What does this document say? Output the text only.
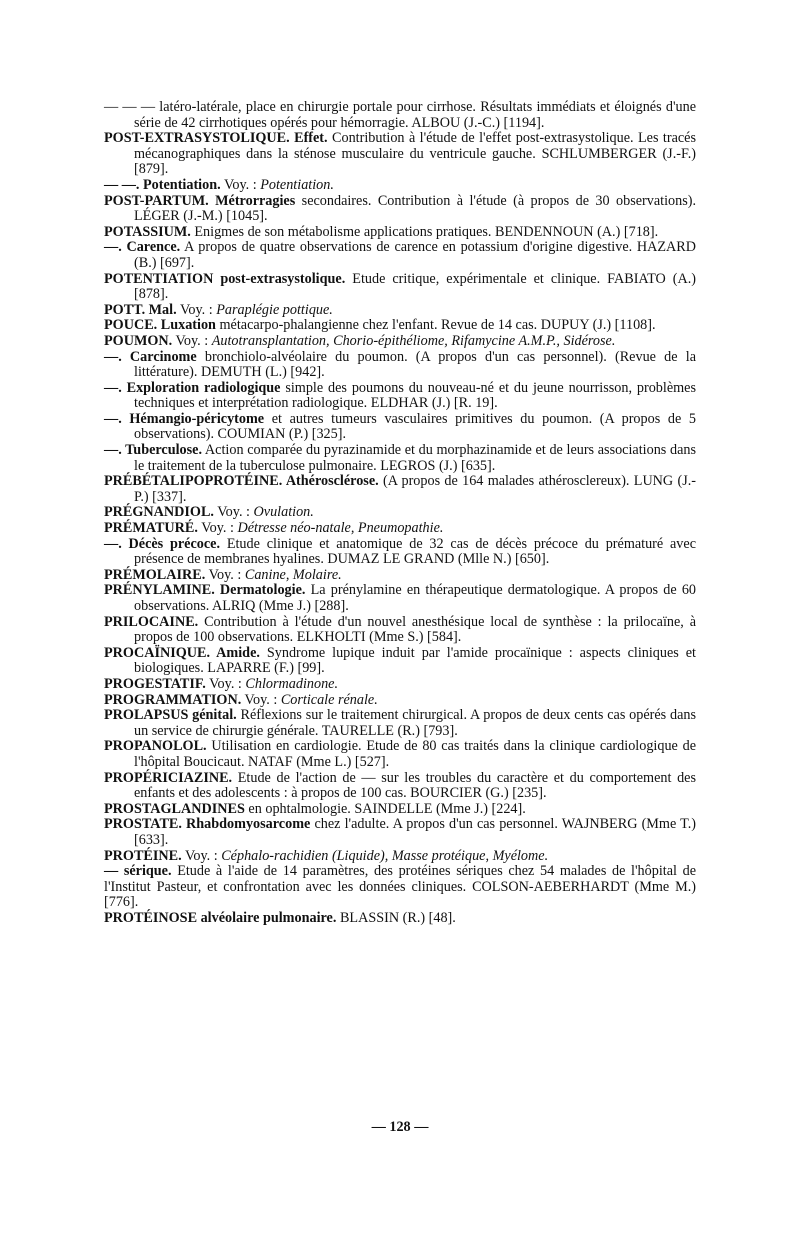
— — — latéro-latérale, place en chirurgie portale pour cirrhose. Résultats immédiats et éloignés d'une série de 42 cirrhotiques opérés pour hémorragie. ALBOU (J.-C.) [1194].

POST-EXTRASYSTOLIQUE. Effet. Contribution à l'étude de l'effet post-extrasystolique. Les tracés mécanographiques dans la sténose musculaire du ventricule gauche. SCHLUMBERGER (J.-F.) [879].

— —. Potentiation. Voy. : Potentiation.

POST-PARTUM. Métrorragies secondaires. Contribution à l'étude (à propos de 30 observations). LÉGER (J.-M.) [1045].

POTASSIUM. Enigmes de son métabolisme applications pratiques. BENDENNOUN (A.) [718].

—. Carence. A propos de quatre observations de carence en potassium d'origine digestive. HAZARD (B.) [697].

POTENTIATION post-extrasystolique. Etude critique, expérimentale et clinique. FABIATO (A.) [878].

POTT. Mal. Voy. : Paraplégie pottique.

POUCE. Luxation métacarpo-phalangienne chez l'enfant. Revue de 14 cas. DUPUY (J.) [1108].

POUMON. Voy. : Autotransplantation, Chorio-épithéliome, Rifamycine A.M.P., Sidérose.

—. Carcinome bronchiolo-alvéolaire du poumon. (A propos d'un cas personnel). (Revue de la littérature). DEMUTH (L.) [942].

—. Exploration radiologique simple des poumons du nouveau-né et du jeune nourrisson, problèmes techniques et interprétation radiologique. ELDHAR (J.) [R. 19].

—. Hémangio-péricytome et autres tumeurs vasculaires primitives du poumon. (A propos de 5 observations). COUMIAN (P.) [325].

—. Tuberculose. Action comparée du pyrazinamide et du morphazinamide et de leurs associations dans le traitement de la tuberculose pulmonaire. LEGROS (J.) [635].

PRÉBÉTALIPOPROTÉINE. Athérosclérose. (A propos de 164 malades athérosclereux). LUNG (J.-P.) [337].

PRÉGNANDIOL. Voy. : Ovulation.

PRÉMATURÉ. Voy. : Détresse néo-natale, Pneumopathie.

—. Décès précoce. Etude clinique et anatomique de 32 cas de décès précoce du prématuré avec présence de membranes hyalines. DUMAZ LE GRAND (Mlle N.) [650].

PRÉMOLAIRE. Voy. : Canine, Molaire.

PRÉNYLAMINE. Dermatologie. La prénylamine en thérapeutique dermatologique. A propos de 60 observations. ALRIQ (Mme J.) [288].

PRILOCAINE. Contribution à l'étude d'un nouvel anesthésique local de synthèse : la prilocaïne, à propos de 100 observations. ELKHOLTI (Mme S.) [584].

PROCAÏNIQUE. Amide. Syndrome lupique induit par l'amide procaïnique : aspects cliniques et biologiques. LAPARRE (F.) [99].

PROGESTATIF. Voy. : Chlormadinone.

PROGRAMMATION. Voy. : Corticale rénale.

PROLAPSUS génital. Réflexions sur le traitement chirurgical. A propos de deux cents cas opérés dans un service de chirurgie générale. TAURELLE (R.) [793].

PROPANOLOL. Utilisation en cardiologie. Etude de 80 cas traités dans la clinique cardiologique de l'hôpital Boucicaut. NATAF (Mme L.) [527].

PROPÉRICIAZINE. Etude de l'action de — sur les troubles du caractère et du comportement des enfants et des adolescents : à propos de 100 cas. BOURCIER (G.) [235].

PROSTAGLANDINES en ophtalmologie. SAINDELLE (Mme J.) [224].

PROSTATE. Rhabdomyosarcome chez l'adulte. A propos d'un cas personnel. WAJNBERG (Mme T.) [633].

PROTÉINE. Voy. : Céphalo-rachidien (Liquide), Masse protéique, Myélome.

— sérique. Etude à l'aide de 14 paramètres, des protéines sériques chez 54 malades de l'hôpital de l'Institut Pasteur, et confrontation avec les données cliniques. COLSON-AEBERHARDT (Mme M.) [776].

PROTÉINOSE alvéolaire pulmonaire. BLASSIN (R.) [48].

— 128 —
